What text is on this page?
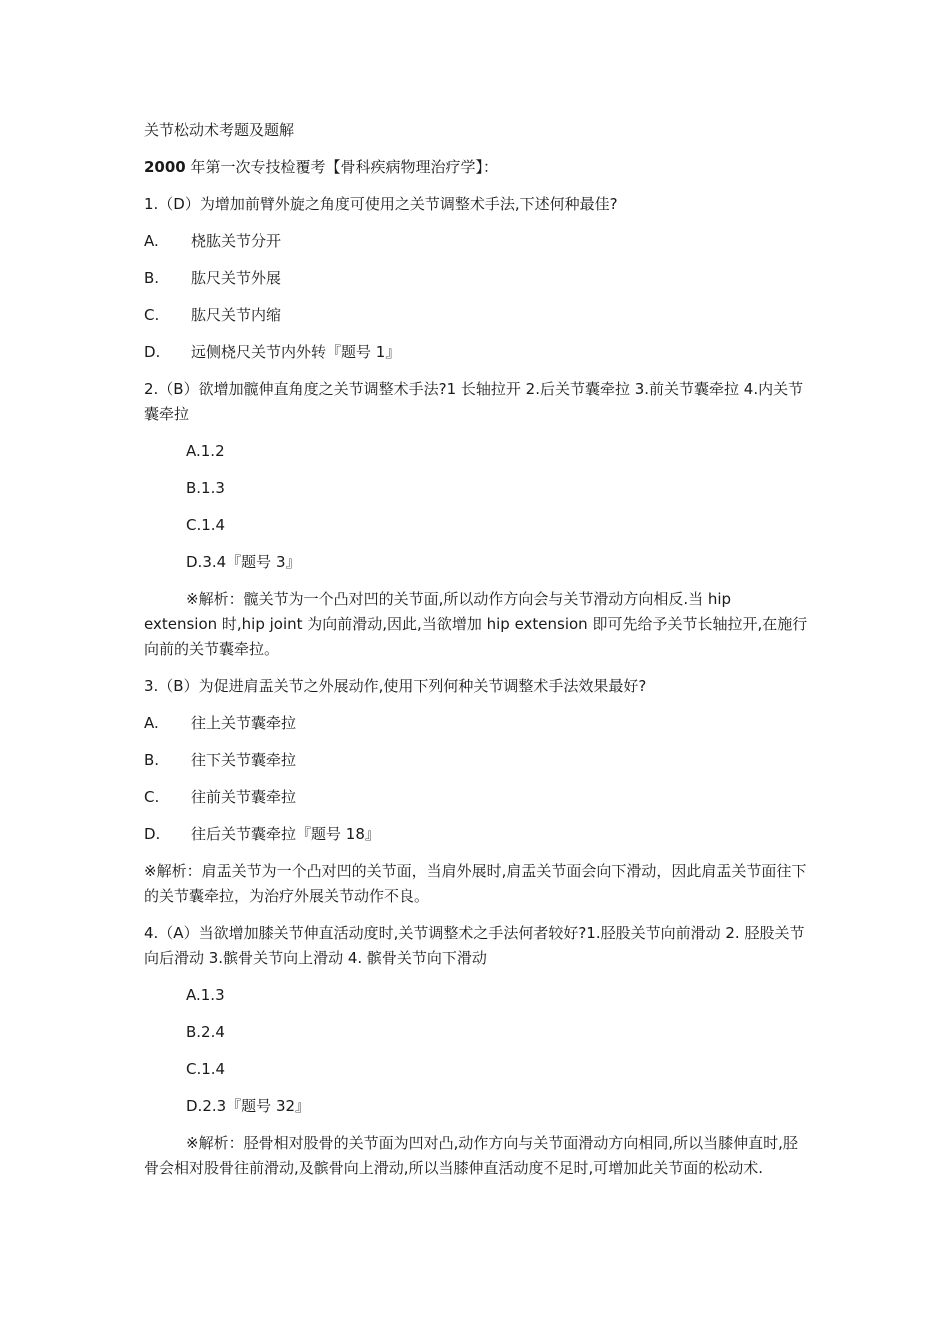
关节松动术考题及题解

2000 年第一次专技检覆考【骨科疾病物理治疗学】：

1.（D）为增加前臂外旋之角度可使用之关节调整术手法,下述何种最佳?

A.	桡肱关节分开
B.	肱尺关节外展
C.	肱尺关节内缩
D.	远侧桡尺关节内外转『题号 1』

2.（B）欲增加髋伸直角度之关节调整术手法?1 长轴拉开 2.后关节囊牵拉 3.前关节囊牵拉 4.内关节囊牵拉

A.1.2

B.1.3

C.1.4

D.3.4『题号 3』

※解析：髋关节为一个凸对凹的关节面,所以动作方向会与关节滑动方向相反.当 hip extension 时,hip joint 为向前滑动,因此,当欲增加 hip extension 即可先给予关节长轴拉开,在施行向前的关节囊牵拉。

3.（B）为促进肩盂关节之外展动作,使用下列何种关节调整术手法效果最好?

A.	往上关节囊牵拉
B.	往下关节囊牵拉
C.	往前关节囊牵拉
D.	往后关节囊牵拉『题号 18』

※解析：肩盂关节为一个凸对凹的关节面，当肩外展时,肩盂关节面会向下滑动，因此肩盂关节面往下的关节囊牵拉，为治疗外展关节动作不良。

4.（A）当欲增加膝关节伸直活动度时,关节调整术之手法何者较好?1.胫股关节向前滑动 2. 胫股关节向后滑动 3.髌骨关节向上滑动 4. 髌骨关节向下滑动

A.1.3

B.2.4

C.1.4

D.2.3『题号 32』

※解析：胫骨相对股骨的关节面为凹对凸,动作方向与关节面滑动方向相同,所以当膝伸直时,胫骨会相对股骨往前滑动,及髌骨向上滑动,所以当膝伸直活动度不足时,可增加此关节面的松动术.
